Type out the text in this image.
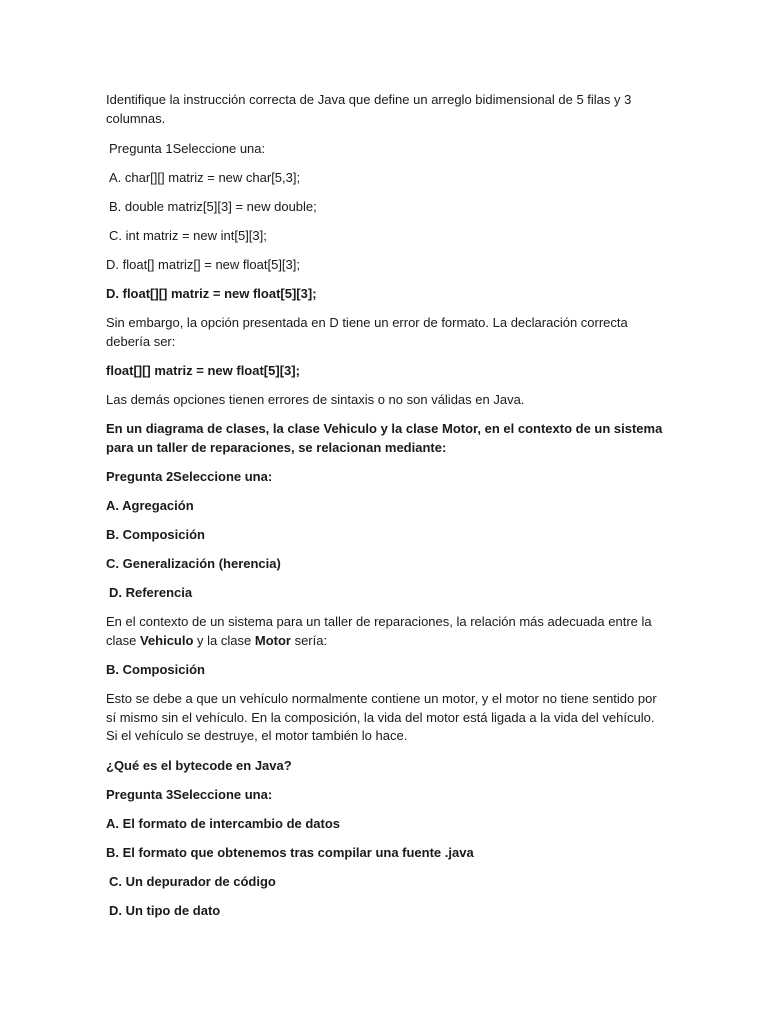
Identifique la instrucción correcta de Java que define un arreglo bidimensional de 5 filas y 3 columnas.

Pregunta 1Seleccione una:

A. char[][] matriz = new char[5,3];

B. double matriz[5][3] = new double;

C. int matriz = new int[5][3];

D. float[] matriz[] = new float[5][3];

D. float[][] matriz = new float[5][3];

Sin embargo, la opción presentada en D tiene un error de formato. La declaración correcta debería ser:

float[][] matriz = new float[5][3];

Las demás opciones tienen errores de sintaxis o no son válidas en Java.

En un diagrama de clases, la clase Vehiculo y la clase Motor, en el contexto de un sistema para un taller de reparaciones, se relacionan mediante:

Pregunta 2Seleccione una:

A. Agregación

B. Composición

C. Generalización (herencia)

D. Referencia

En el contexto de un sistema para un taller de reparaciones, la relación más adecuada entre la clase Vehiculo y la clase Motor sería:

B. Composición

Esto se debe a que un vehículo normalmente contiene un motor, y el motor no tiene sentido por sí mismo sin el vehículo. En la composición, la vida del motor está ligada a la vida del vehículo. Si el vehículo se destruye, el motor también lo hace.

¿Qué es el bytecode en Java?

Pregunta 3Seleccione una:

A. El formato de intercambio de datos

B. El formato que obtenemos tras compilar una fuente .java

C. Un depurador de código

D. Un tipo de dato
